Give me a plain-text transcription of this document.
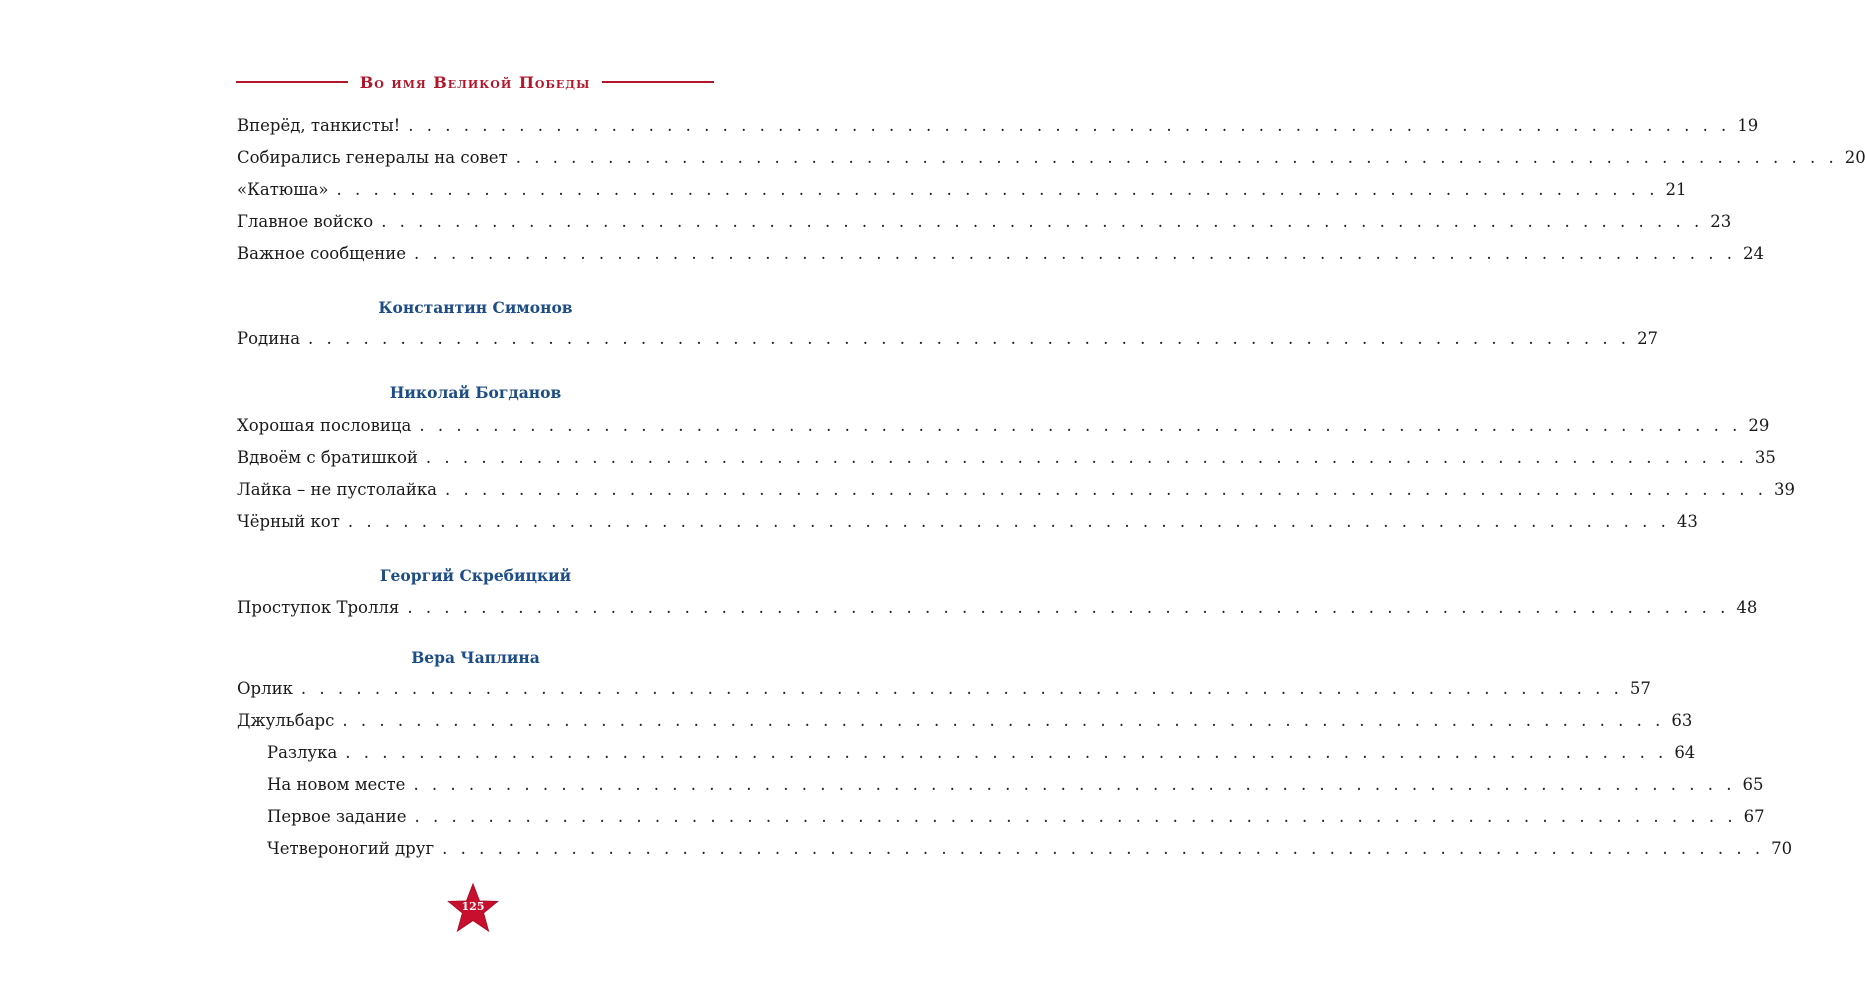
Во имя Великой Победы
Вперёд, танкисты! . . . . . . . . . . . . . . . . . . . . . . . . . . . . . . . . . . . . . . . . . . . . . . . . . . . . . . . . . . . . . . . . . . . . . . . . 19
Собирались генералы на совет . . . . . . . . . . . . . . . . . . . . . . . . . . . . . . . . . . . . . . . . . . . . . . . . . . . . . . . . . . . . . . . . . . . . . . . . 20
«Катюша» . . . . . . . . . . . . . . . . . . . . . . . . . . . . . . . . . . . . . . . . . . . . . . . . . . . . . . . . . . . . . . . . . . . . . . . . 21
Главное войско . . . . . . . . . . . . . . . . . . . . . . . . . . . . . . . . . . . . . . . . . . . . . . . . . . . . . . . . . . . . . . . . . . . . . . . . 23
Важное сообщение . . . . . . . . . . . . . . . . . . . . . . . . . . . . . . . . . . . . . . . . . . . . . . . . . . . . . . . . . . . . . . . . . . . . . . . . 24
Константин Симонов
Родина . . . . . . . . . . . . . . . . . . . . . . . . . . . . . . . . . . . . . . . . . . . . . . . . . . . . . . . . . . . . . . . . . . . . . . . . 27
Николай Богданов
Хорошая пословица . . . . . . . . . . . . . . . . . . . . . . . . . . . . . . . . . . . . . . . . . . . . . . . . . . . . . . . . . . . . . . . . . . . . . . . . 29
Вдвоём с братишкой . . . . . . . . . . . . . . . . . . . . . . . . . . . . . . . . . . . . . . . . . . . . . . . . . . . . . . . . . . . . . . . . . . . . . . . . 35
Лайка – не пустолайка . . . . . . . . . . . . . . . . . . . . . . . . . . . . . . . . . . . . . . . . . . . . . . . . . . . . . . . . . . . . . . . . . . . . . . . . 39
Чёрный кот . . . . . . . . . . . . . . . . . . . . . . . . . . . . . . . . . . . . . . . . . . . . . . . . . . . . . . . . . . . . . . . . . . . . . . . . 43
Георгий Скребицкий
Проступок Тролля . . . . . . . . . . . . . . . . . . . . . . . . . . . . . . . . . . . . . . . . . . . . . . . . . . . . . . . . . . . . . . . . . . . . . . . . 48
Вера Чаплина
Орлик . . . . . . . . . . . . . . . . . . . . . . . . . . . . . . . . . . . . . . . . . . . . . . . . . . . . . . . . . . . . . . . . . . . . . . . . 57
Джульбарс . . . . . . . . . . . . . . . . . . . . . . . . . . . . . . . . . . . . . . . . . . . . . . . . . . . . . . . . . . . . . . . . . . . . . . . . 63
Разлука . . . . . . . . . . . . . . . . . . . . . . . . . . . . . . . . . . . . . . . . . . . . . . . . . . . . . . . . . . . . . . . . . . . . . . . . 64
На новом месте . . . . . . . . . . . . . . . . . . . . . . . . . . . . . . . . . . . . . . . . . . . . . . . . . . . . . . . . . . . . . . . . . . . . . . . . 65
Первое задание . . . . . . . . . . . . . . . . . . . . . . . . . . . . . . . . . . . . . . . . . . . . . . . . . . . . . . . . . . . . . . . . . . . . . . . . 67
Четвероногий друг . . . . . . . . . . . . . . . . . . . . . . . . . . . . . . . . . . . . . . . . . . . . . . . . . . . . . . . . . . . . . . . . . . . . . . . . 70
125
